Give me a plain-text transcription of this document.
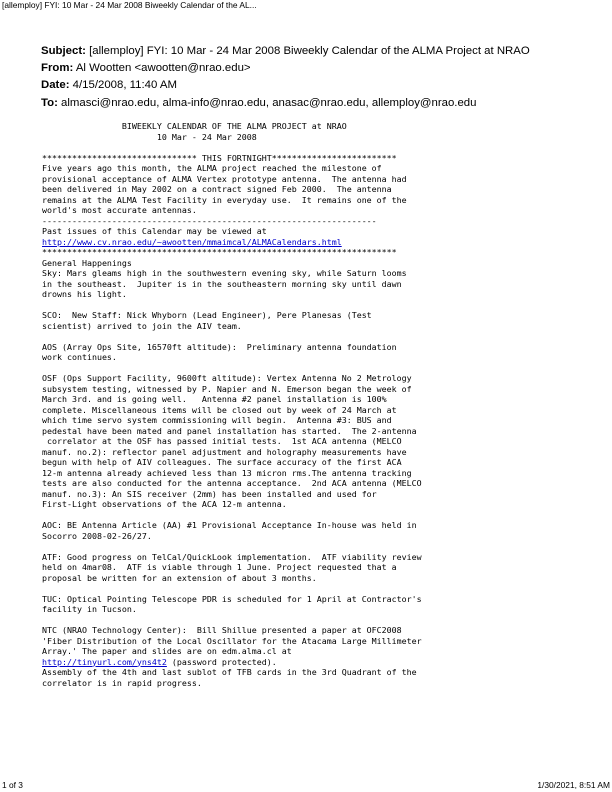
[allemploy] FYI: 10 Mar - 24 Mar 2008 Biweekly Calendar of the AL...
Subject: [allemploy] FYI: 10 Mar - 24 Mar 2008 Biweekly Calendar of the ALMA Project at NRAO
From: Al Wootten <awootten@nrao.edu>
Date: 4/15/2008, 11:40 AM
To: almasci@nrao.edu, alma-info@nrao.edu, anasac@nrao.edu, allemploy@nrao.edu
BIWEEKLY CALENDAR OF THE ALMA PROJECT at NRAO
10 Mar - 24 Mar 2008
******************************* THIS FORTNIGHT*************************
Five years ago this month, the ALMA project reached the milestone of
provisional acceptance of ALMA Vertex prototype antenna.  The antenna had
been delivered in May 2002 on a contract signed Feb 2000.  The antenna
remains at the ALMA Test Facility in everyday use.  It remains one of the
world's most accurate antennas.
-------------------------------------------------------------------
Past issues of this Calendar may be viewed at
http://www.cv.nrao.edu/~awootten/mmaimcal/ALMACalendars.html
***********************************************************************
General Happenings
Sky: Mars gleams high in the southwestern evening sky, while Saturn looms
in the southeast.  Jupiter is in the southeastern morning sky until dawn
drowns his light.
SCO:  New Staff: Nick Whyborn (Lead Engineer), Pere Planesas (Test
scientist) arrived to join the AIV team.
AOS (Array Ops Site, 16570ft altitude):  Preliminary antenna foundation
work continues.
OSF (Ops Support Facility, 9600ft altitude): Vertex Antenna No 2 Metrology
subsystem testing, witnessed by P. Napier and N. Emerson began the week of
March 3rd. and is going well.   Antenna #2 panel installation is 100%
complete. Miscellaneous items will be closed out by week of 24 March at
which time servo system commissioning will begin.  Antenna #3: BUS and
pedestal have been mated and panel installation has started.  The 2-antenna
correlator at the OSF has passed initial tests.  1st ACA antenna (MELCO
manuf. no.2): reflector panel adjustment and holography measurements have
begun with help of AIV colleagues. The surface accuracy of the first ACA
12-m antenna already achieved less than 13 micron rms.The antenna tracking
tests are also conducted for the antenna acceptance.  2nd ACA antenna (MELCO
manuf. no.3): An SIS receiver (2mm) has been installed and used for
First-Light observations of the ACA 12-m antenna.
AOC: BE Antenna Article (AA) #1 Provisional Acceptance In-house was held in
Socorro 2008-02-26/27.
ATF: Good progress on TelCal/QuickLook implementation.  ATF viability review
held on 4mar08.  ATF is viable through 1 June. Project requested that a
proposal be written for an extension of about 3 months.
TUC: Optical Pointing Telescope PDR is scheduled for 1 April at Contractor's
facility in Tucson.
NTC (NRAO Technology Center):  Bill Shillue presented a paper at OFC2008
'Fiber Distribution of the Local Oscillator for the Atacama Large Millimeter
Array.' The paper and slides are on edm.alma.cl at
http://tinyurl.com/yns4t2 (password protected).
Assembly of the 4th and last sublot of TFB cards in the 3rd Quadrant of the
correlator is in rapid progress.
1 of 3	1/30/2021, 8:51 AM
